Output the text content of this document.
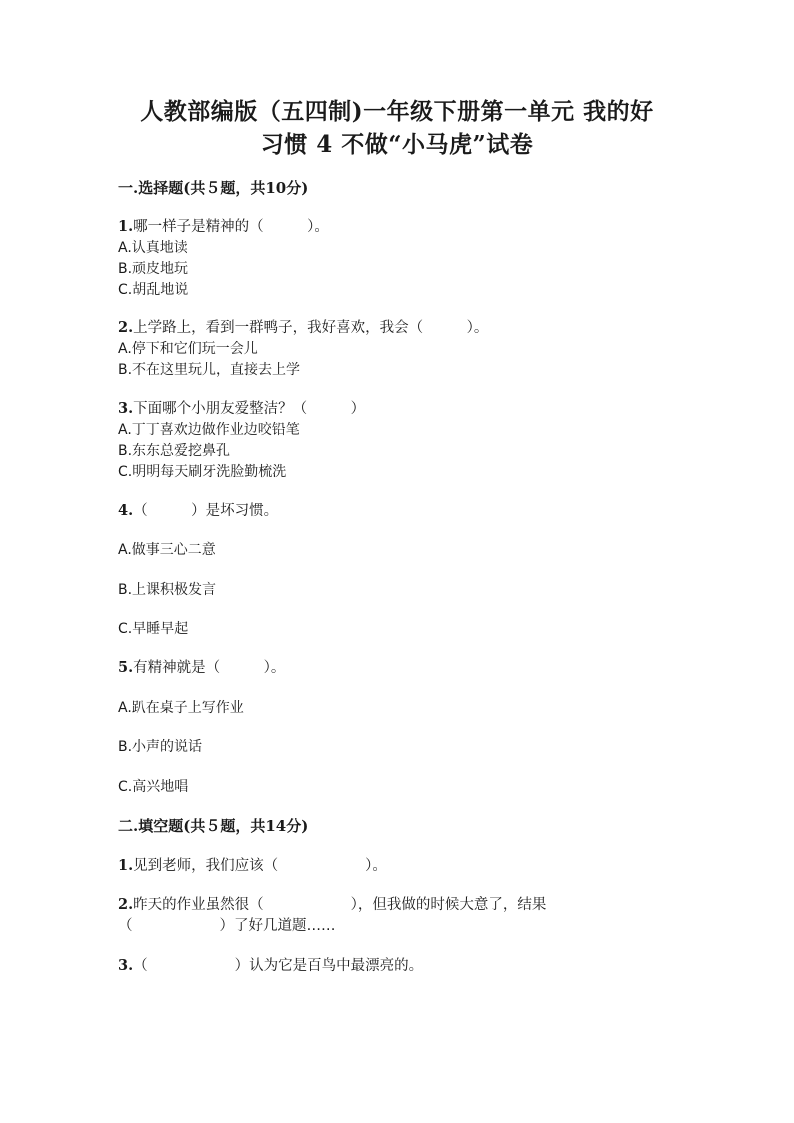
人教部编版（五四制)一年级下册第一单元 我的好
习惯 4 不做“小马虎”试卷

一.选择题(共５题，共10分)

1.哪一样子是精神的（　　　）。

A.认真地读

B.顽皮地玩

C.胡乱地说

2.上学路上，看到一群鸭子，我好喜欢，我会（　　　）。

A.停下和它们玩一会儿

B.不在这里玩儿，直接去上学

3.下面哪个小朋友爱整洁？（　　　）

A.丁丁喜欢边做作业边咬铅笔

B.东东总爱挖鼻孔

C.明明每天刷牙洗脸勤梳洗

4.（　　　）是坏习惯。

A.做事三心二意

B.上课积极发言

C.早睡早起

5.有精神就是（　　　）。

A.趴在桌子上写作业

B.小声的说话

C.高兴地唱

二.填空题(共５题，共14分)

1.见到老师，我们应该（　　　　　　）。

2.昨天的作业虽然很（　　　　　　），但我做的时候大意了，结果

（　　　　　　）了好几道题……

3.（　　　　　　）认为它是百鸟中最漂亮的。
